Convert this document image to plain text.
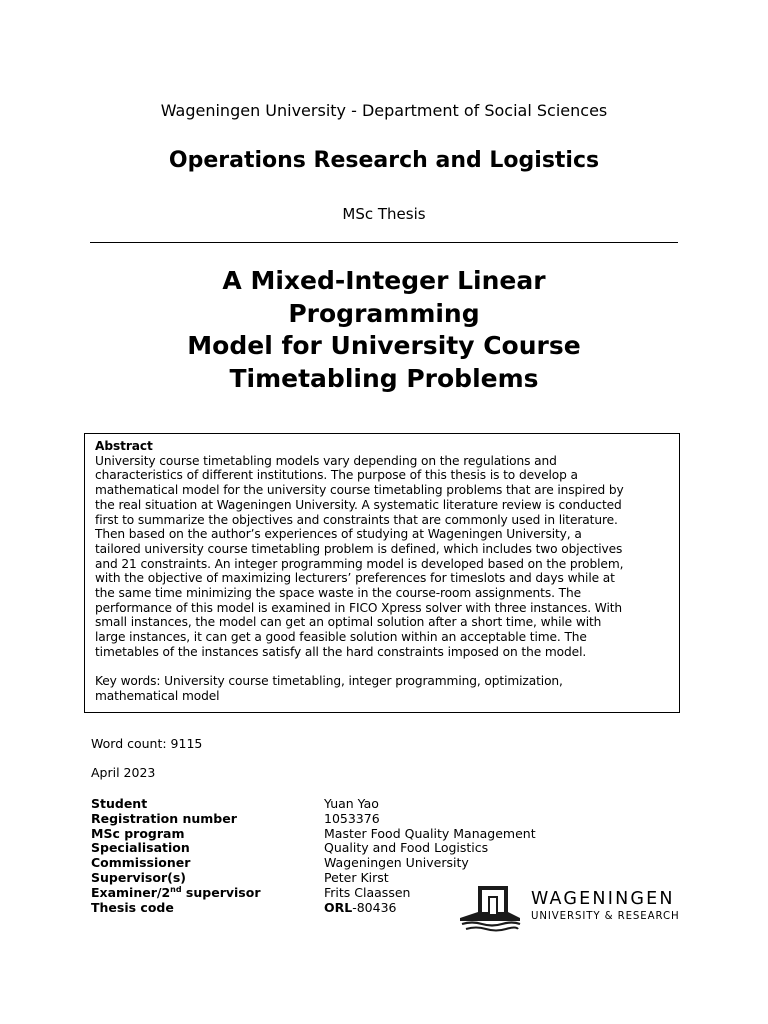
Wageningen University - Department of Social Sciences
Operations Research and Logistics
MSc Thesis
A Mixed-Integer Linear
Programming
Model for University Course
Timetabling Problems
Abstract
University course timetabling models vary depending on the regulations and
characteristics of different institutions. The purpose of this thesis is to develop a
mathematical model for the university course timetabling problems that are inspired by
the real situation at Wageningen University. A systematic literature review is conducted
first to summarize the objectives and constraints that are commonly used in literature.
Then based on the author’s experiences of studying at Wageningen University, a
tailored university course timetabling problem is defined, which includes two objectives
and 21 constraints. An integer programming model is developed based on the problem,
with the objective of maximizing lecturers’ preferences for timeslots and days while at
the same time minimizing the space waste in the course-room assignments. The
performance of this model is examined in FICO Xpress solver with three instances. With
small instances, the model can get an optimal solution after a short time, while with
large instances, it can get a good feasible solution within an acceptable time. The
timetables of the instances satisfy all the hard constraints imposed on the model.
Key words: University course timetabling, integer programming, optimization,
mathematical model
Word count: 9115
April 2023
Student	Yuan Yao
Registration number	1053376
MSc program	Master Food Quality Management
Specialisation	Quality and Food Logistics
Commissioner	Wageningen University
Supervisor(s)	Peter Kirst
Examiner/2nd supervisor	Frits Claassen
Thesis code	ORL-80436	WAGENINGEN
UNIVERSITY & RESEARCH
